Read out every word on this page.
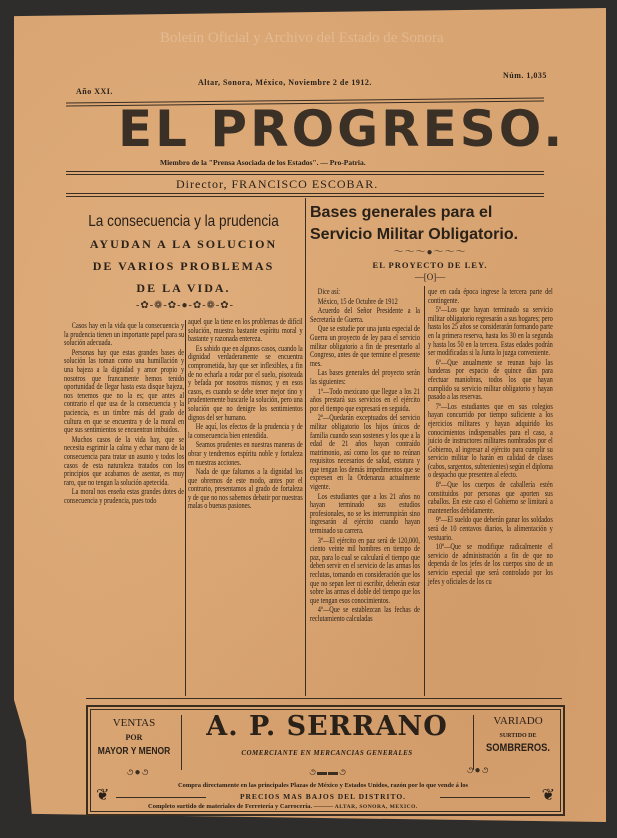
Boletín Oficial y Archivo del Estado de Sonora
Año XXI.
Altar, Sonora, México, Noviembre 2 de 1912.
Núm. 1,035
EL PROGRESO.
Miembro de la "Prensa Asociada de los Estados". — Pro-Patria.
Director, FRANCISCO ESCOBAR.
La consecuencia y la prudencia
AYUDAN A LA SOLUCION
DE VARIOS PROBLEMAS
DE LA VIDA.
-✿-❁-✿-●-✿-❁-✿-

Casos hay en la vida que la consecuencia y la prudencia tienen un importante papel para su solución adecuada.

Personas hay que estas grandes bases de solución las toman como una humillación y una bajeza a la dignidad y amor propio y nosotros que francamente hemos tenido oportunidad de llegar hasta esta disque bajeza, nos tenemos que no la es; que antes al contrario el que usa de la consecuencia y la paciencia, es un timbre más del grado de cultura en que se encuentra y de la moral en que sus sentimientos se encuentran imbuidos.

Muchos casos de la vida hay, que se necesita esgrimir la calma y echar mano de la consecuencia para tratar un asunto y todos los casos de esta naturaleza tratados con los principios que acabamos de asentar, es muy raro, que no tengan la solución apetecida.

La moral nos enseña estas grandes dotes de consecuencia y prudencia, pues todo

aquel que la tiene en los problemas de difícil solución, muestra bastante espíritu moral y bastante y razonada entereza.

Es sabido que en algunos casos, cuando la dignidad verdaderamente se encuentra comprometida, hay que ser inflexibles, a fin de no echarla a rodar por el suelo, pisoteada y befada por nosotros mismos; y en esos casos, es cuando se debe tener mejor tino y prudentemente buscarle la solución, pero una solución que no denigre los sentimientos dignos del ser humano.

He aquí, los efectos de la prudencia y de la consecuencia bien entendida.

Seamos prudentes en nuestras maneras de obrar y tendremos espíritu noble y fortaleza en nuestras acciones.

Nada de que faltamos a la dignidad los que obremos de este modo, antes por el contrario, presentamos al grado de fortaleza y de que no nos sabemos debatir por nuestras malas o buenas pasiones.

Bases generales para el Servicio Militar Obligatorio.
〜〜〜●〜〜〜
EL PROYECTO DE LEY.
—[O]—

Dice así:

México, 15 de Octubre de 1912

Acuerdo del Señor Presidente a la Secretaría de Guerra.

Que se estudie por una junta especial de Guerra un proyecto de ley para el servicio militar obligatorio a fin de presentarlo al Congreso, antes de que termine el presente mes.

Las bases generales del proyecto serán las siguientes:

1º—Todo mexicano que llegue a los 21 años prestará sus servicios en el ejército por el tiempo que expresará en seguida.

2º—Quedarán exceptuados del servicio militar obligatorio los hijos únicos de familia cuando sean sostenes y los que a la edad de 21 años hayan contraído matrimonio, así como los que no reúnan requisitos necesarios de salud, estatura y que tengan los demás impedimentos que se expresen en la Ordenanza actualmente vigente.

Los estudiantes que a los 21 años no hayan terminado sus estudios profesionales, no se les interrumpirán sino ingresarán al ejército cuando hayan terminado su carrera.

3º—El ejército en paz será de 120,000, ciento veinte mil hombres en tiempo de paz, para lo cual se calculará el tiempo que deben servir en el servicio de las armas los reclutas, tomando en consideración que los que no sepan leer ni escribir, deberán estar sobre las armas el doble del tiempo que los que tengan esos conocimientos.

4º—Que se establezcan las fechas de reclutamiento calculadas

que en cada época ingrese la tercera parte del contingente.

5º—Los que hayan terminado su servicio militar obligatorio regresarán a sus hogares; pero hasta los 25 años se considerarán formando parte en la primera reserva, hasta los 30 en la segunda y hasta los 50 en la tercera. Estas edades podrán ser modificadas si la Junta lo juzga conveniente.

6º—Que anualmente se reunan bajo las banderas por espacio de quince días para efectuar maniobras, todos los que hayan cumplido su servicio militar obligatorio y hayan pasado a las reservas.

7º—Los estudiantes que en sus colegios hayan concurrido por tiempo suficiente a los ejercicios militares y hayan adquirido los conocimientos indispensables para el caso, a juicio de instructores militares nombrados por el Gobierno, al ingresar al ejército para cumplir su servicio militar lo harán en calidad de clases (cabos, sargentos, subtenientes) según el diploma o despacho que presenten al efecto.

8º—Que los cuerpos de caballería estén constituidos por personas que aporten sus caballos. En este caso el Gobierno se limitará a mantenerlos debidamente.

9º—El sueldo que deberán ganar los soldados será de 10 centavos diarios, la alimentación y vestuario.

10º—Que se modifique radicalmente el servicio de administración a fin de que no dependa de los jefes de los cuerpos sino de un servicio especial que será controlado por los jefes y oficiales de los cu

VENTAS
POR
MAYOR Y MENOR
૭●૭
A. P. SERRANO
COMERCIANTE EN MERCANCIAS GENERALES
૭▬▬૭
VARIADO
SURTIDO DE
SOMBREROS.
૭●૭
Compra directamente en las principales Plazas de México y Estados Unidos, razón por lo que vende á los
❦	❦
PRECIOS MAS BAJOS DEL DISTRITO.
Completo surtido de materiales de Ferretería y Carrocería. ——— ALTAR, SONORA, MEXICO.
